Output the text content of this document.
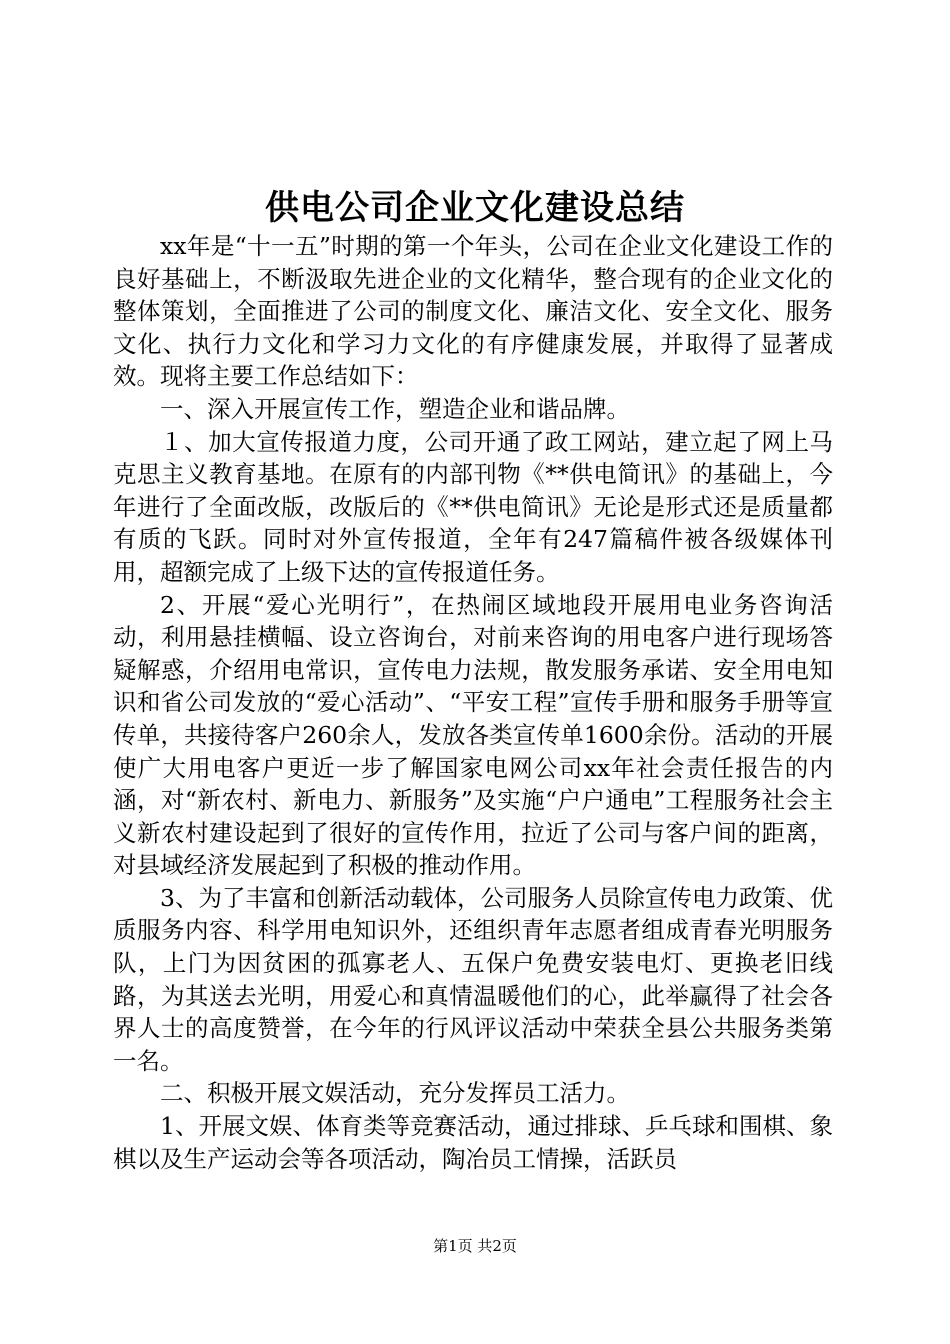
供电公司企业文化建设总结

xx年是“十一五”时期的第一个年头，公司在企业文化建设工作的良好基础上，不断汲取先进企业的文化精华，整合现有的企业文化的整体策划，全面推进了公司的制度文化、廉洁文化、安全文化、服务文化、执行力文化和学习力文化的有序健康发展，并取得了显著成效。现将主要工作总结如下：

一、深入开展宣传工作，塑造企业和谐品牌。

１、加大宣传报道力度，公司开通了政工网站，建立起了网上马克思主义教育基地。在原有的内部刊物《**供电简讯》的基础上，今年进行了全面改版，改版后的《**供电简讯》无论是形式还是质量都有质的飞跃。同时对外宣传报道，全年有247篇稿件被各级媒体刊用，超额完成了上级下达的宣传报道任务。

2、开展“爱心光明行”，在热闹区域地段开展用电业务咨询活动，利用悬挂横幅、设立咨询台，对前来咨询的用电客户进行现场答疑解惑，介绍用电常识，宣传电力法规，散发服务承诺、安全用电知识和省公司发放的“爱心活动”、“平安工程”宣传手册和服务手册等宣传单，共接待客户260余人，发放各类宣传单1600余份。活动的开展使广大用电客户更近一步了解国家电网公司xx年社会责任报告的内涵，对“新农村、新电力、新服务”及实施“户户通电”工程服务社会主义新农村建设起到了很好的宣传作用，拉近了公司与客户间的距离，对县域经济发展起到了积极的推动作用。

3、为了丰富和创新活动载体，公司服务人员除宣传电力政策、优质服务内容、科学用电知识外，还组织青年志愿者组成青春光明服务队，上门为因贫困的孤寡老人、五保户免费安装电灯、更换老旧线路，为其送去光明，用爱心和真情温暖他们的心，此举赢得了社会各界人士的高度赞誉，在今年的行风评议活动中荣获全县公共服务类第一名。

二、积极开展文娱活动，充分发挥员工活力。

1、开展文娱、体育类等竞赛活动，通过排球、乒乓球和围棋、象棋以及生产运动会等各项活动，陶冶员工情操，活跃员

第1页 共2页
